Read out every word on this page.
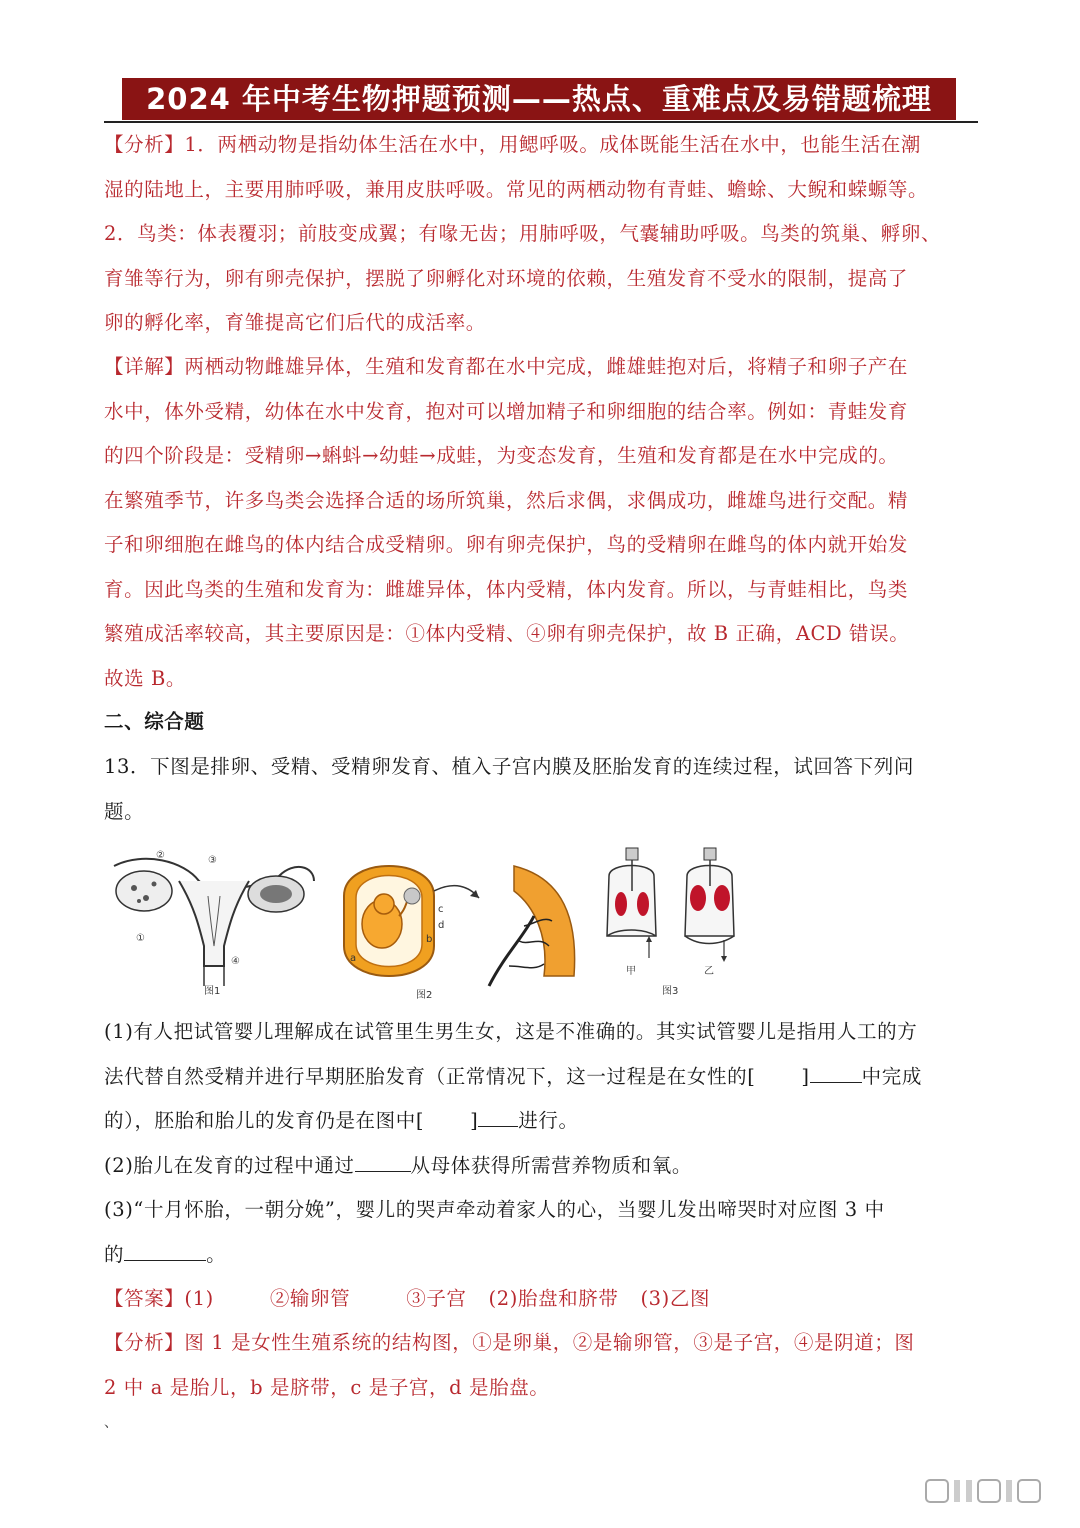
2024 年中考生物押题预测——热点、重难点及易错题梳理
【分析】1．两栖动物是指幼体生活在水中，用鳃呼吸。成体既能生活在水中，也能生活在潮
湿的陆地上，主要用肺呼吸，兼用皮肤呼吸。常见的两栖动物有青蛙、蟾蜍、大鲵和蝾螈等。
2．鸟类：体表覆羽；前肢变成翼；有喙无齿；用肺呼吸，气囊辅助呼吸。鸟类的筑巢、孵卵、
育雏等行为，卵有卵壳保护，摆脱了卵孵化对环境的依赖，生殖发育不受水的限制，提高了
卵的孵化率，育雏提高它们后代的成活率。
【详解】两栖动物雌雄异体，生殖和发育都在水中完成，雌雄蛙抱对后，将精子和卵子产在
水中，体外受精，幼体在水中发育，抱对可以增加精子和卵细胞的结合率。例如：青蛙发育
的四个阶段是：受精卵→蝌蚪→幼蛙→成蛙，为变态发育，生殖和发育都是在水中完成的。
在繁殖季节，许多鸟类会选择合适的场所筑巢，然后求偶，求偶成功，雌雄鸟进行交配。精
子和卵细胞在雌鸟的体内结合成受精卵。卵有卵壳保护，鸟的受精卵在雌鸟的体内就开始发
育。因此鸟类的生殖和发育为：雌雄异体，体内受精，体内发育。所以，与青蛙相比，鸟类
繁殖成活率较高，其主要原因是：①体内受精、④卵有卵壳保护，故 B 正确，ACD 错误。
故选 B。
二、综合题
13．下图是排卵、受精、受精卵发育、植入子宫内膜及胚胎发育的连续过程，试回答下列问
题。
②	③
①
④
图1
a
b
c
d
图2
甲	乙
图3
(1)有人把试管婴儿理解成在试管里生男生女，这是不准确的。其实试管婴儿是指用人工的方
法代替自然受精并进行早期胚胎发育（正常情况下，这一过程是在女性的[ ]	中完成
的），胚胎和胎儿的发育仍是在图中[ ] 进行。
(2)胎儿在发育的过程中通过	从母体获得所需营养物质和氧。
(3)“十月怀胎，一朝分娩”，婴儿的哭声牵动着家人的心，当婴儿发出啼哭时对应图 3 中
的	。
【答案】(1)	②输卵管	③子宫 (2)胎盘和脐带 (3)乙图
【分析】图 1 是女性生殖系统的结构图，①是卵巢，②是输卵管，③是子宫，④是阴道；图
2 中 a 是胎儿，b 是脐带，c 是子宫，d 是胎盘。
、
